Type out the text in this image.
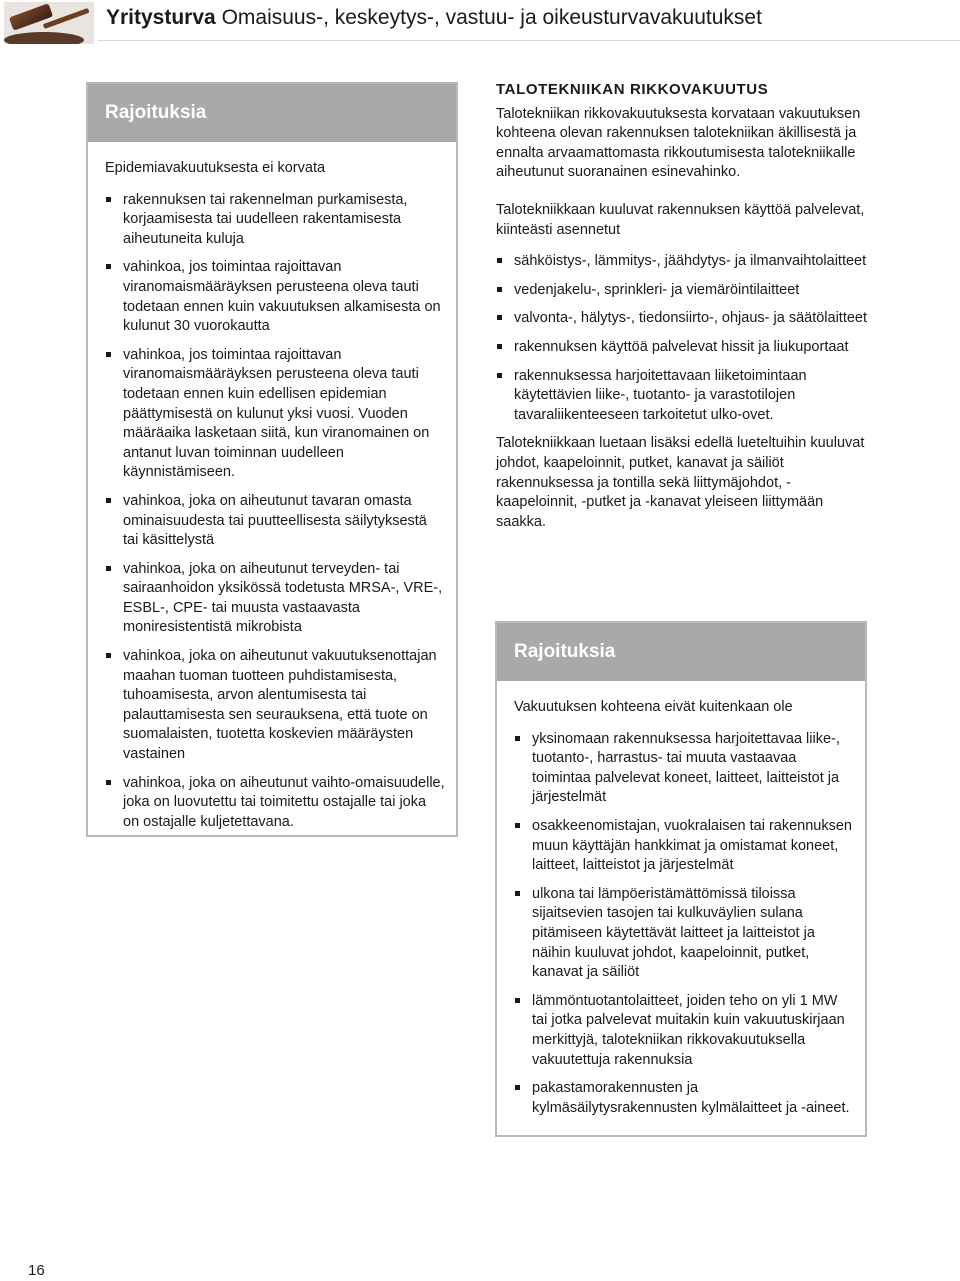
Yritysturva Omaisuus-, keskeytys-, vastuu- ja oikeusturvavakuutukset
Rajoituksia

Epidemiavakuutuksesta ei korvata

rakennuksen tai rakennelman purkamisesta, korjaamisesta tai uudelleen rakentamisesta aiheutuneita kuluja
vahinkoa, jos toimintaa rajoittavan viranomaismääräyksen perusteena oleva tauti todetaan ennen kuin vakuutuksen alkamisesta on kulunut 30 vuorokautta
vahinkoa, jos toimintaa rajoittavan viranomaismääräyksen perusteena oleva tauti todetaan ennen kuin edellisen epidemian päättymisestä on kulunut yksi vuosi. Vuoden määräaika lasketaan siitä, kun viranomainen on antanut luvan toiminnan uudelleen käynnistämiseen.
vahinkoa, joka on aiheutunut tavaran omasta ominaisuudesta tai puutteellisesta säilytyksestä tai käsittelystä
vahinkoa, joka on aiheutunut terveyden- tai sairaanhoidon yksikössä todetusta MRSA-, VRE-, ESBL-, CPE- tai muusta vastaavasta moniresistentistä mikrobista
vahinkoa, joka on aiheutunut vakuutuksenottajan maahan tuoman tuotteen puhdistamisesta, tuhoamisesta, arvon alentumisesta tai palauttamisesta sen seurauksena, että tuote on suomalaisten, tuotetta koskevien määräysten vastainen
vahinkoa, joka on aiheutunut vaihto-omaisuudelle, joka on luovutettu tai toimitettu ostajalle tai joka on ostajalle kuljetettavana.
TALOTEKNIIKAN RIKKOVAKUUTUS

Talotekniikan rikkovakuutuksesta korvataan vakuutuksen kohteena olevan rakennuksen talotekniikan äkillisestä ja ennalta arvaamattomasta rikkoutumisesta talotekniikalle aiheutunut suoranainen esinevahinko.

Talotekniikkaan kuuluvat rakennuksen käyttöä palvelevat, kiinteästi asennetut

sähköistys-, lämmitys-, jäähdytys- ja ilmanvaihtolaitteet
vedenjakelu-, sprinkleri- ja viemäröintilaitteet
valvonta-, hälytys-, tiedonsiirto-, ohjaus- ja säätölaitteet
rakennuksen käyttöä palvelevat hissit ja liukuportaat
rakennuksessa harjoitettavaan liiketoimintaan käytettävien liike-, tuotanto- ja varastotilojen tavaraliikenteeseen tarkoitetut ulko-ovet.

Talotekniikkaan luetaan lisäksi edellä lueteltuihin kuuluvat johdot, kaapeloinnit, putket, kanavat ja säiliöt rakennuksessa ja tontilla sekä liittymäjohdot, -kaapeloinnit, -putket ja -kanavat yleiseen liittymään saakka.

Rajoituksia

Vakuutuksen kohteena eivät kuitenkaan ole

yksinomaan rakennuksessa harjoitettavaa liike-, tuotanto-, harrastus- tai muuta vastaavaa toimintaa palvelevat koneet, laitteet, laitteistot ja järjestelmät
osakkeenomistajan, vuokralaisen tai rakennuksen muun käyttäjän hankkimat ja omistamat koneet, laitteet, laitteistot ja järjestelmät
ulkona tai lämpöeristämättömissä tiloissa sijaitsevien tasojen tai kulkuväylien sulana pitämiseen käytettävät laitteet ja laitteistot ja näihin kuuluvat johdot, kaapeloinnit, putket, kanavat ja säiliöt
lämmöntuotantolaitteet, joiden teho on yli 1 MW tai jotka palvelevat muitakin kuin vakuutuskirjaan merkittyjä, talotekniikan rikkovakuutuksella vakuutettuja rakennuksia
pakastamorakennusten ja kylmäsäilytysrakennusten kylmälaitteet ja -aineet.
16
